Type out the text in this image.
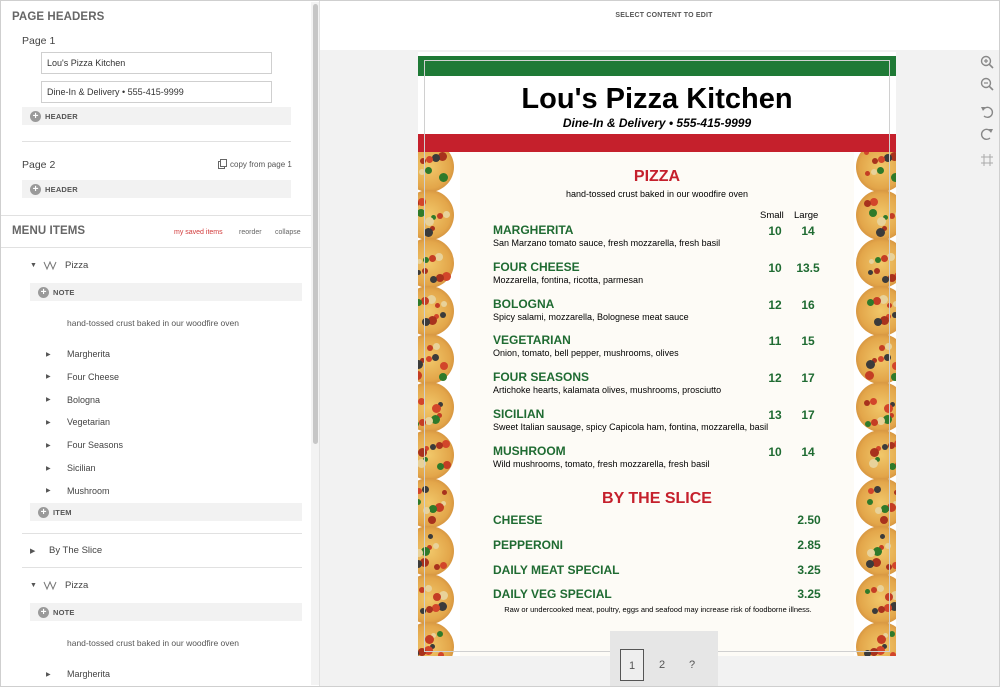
SELECT CONTENT TO EDIT
Lou's Pizza Kitchen
Dine-In & Delivery • 555-415-9999
PIZZA
hand-tossed crust baked in our woodfire oven
Small Large
MARGHERITA
San Marzano tomato sauce, fresh mozzarella, fresh basil
10	14
FOUR CHEESE
Mozzarella, fontina, ricotta, parmesan
10	13.5
BOLOGNA
Spicy salami, mozzarella, Bolognese meat sauce
12	16
VEGETARIAN
Onion, tomato, bell pepper, mushrooms, olives
11	15
FOUR SEASONS
Artichoke hearts, kalamata olives, mushrooms, prosciutto
12	17
SICILIAN
Sweet Italian sausage, spicy Capicola ham, fontina, mozzarella, basil
13	17
MUSHROOM
Wild mushrooms, tomato, fresh mozzarella, fresh basil
10	14
BY THE SLICE
CHEESE	2.50
PEPPERONI	2.85
DAILY MEAT SPECIAL	3.25
DAILY VEG SPECIAL	3.25
Raw or undercooked meat, poultry, eggs and seafood may increase risk of foodborne illness.
1	2	?
PAGE HEADERS
Page 1
Lou's Pizza Kitchen
Dine-In & Delivery • 555-415-9999
+ HEADER
Page 2	copy from page 1
+ HEADER
MENU ITEMS	my saved items reorder collapse
▼	Pizza
+ NOTE
hand-tossed crust baked in our woodfire oven
▶	Margherita
▶	Four Cheese
▶	Bologna
▶	Vegetarian
▶	Four Seasons
▶	Sicilian
▶	Mushroom
+ ITEM
▶	By The Slice
▼	Pizza
+ NOTE
hand-tossed crust baked in our woodfire oven
▶	Margherita
